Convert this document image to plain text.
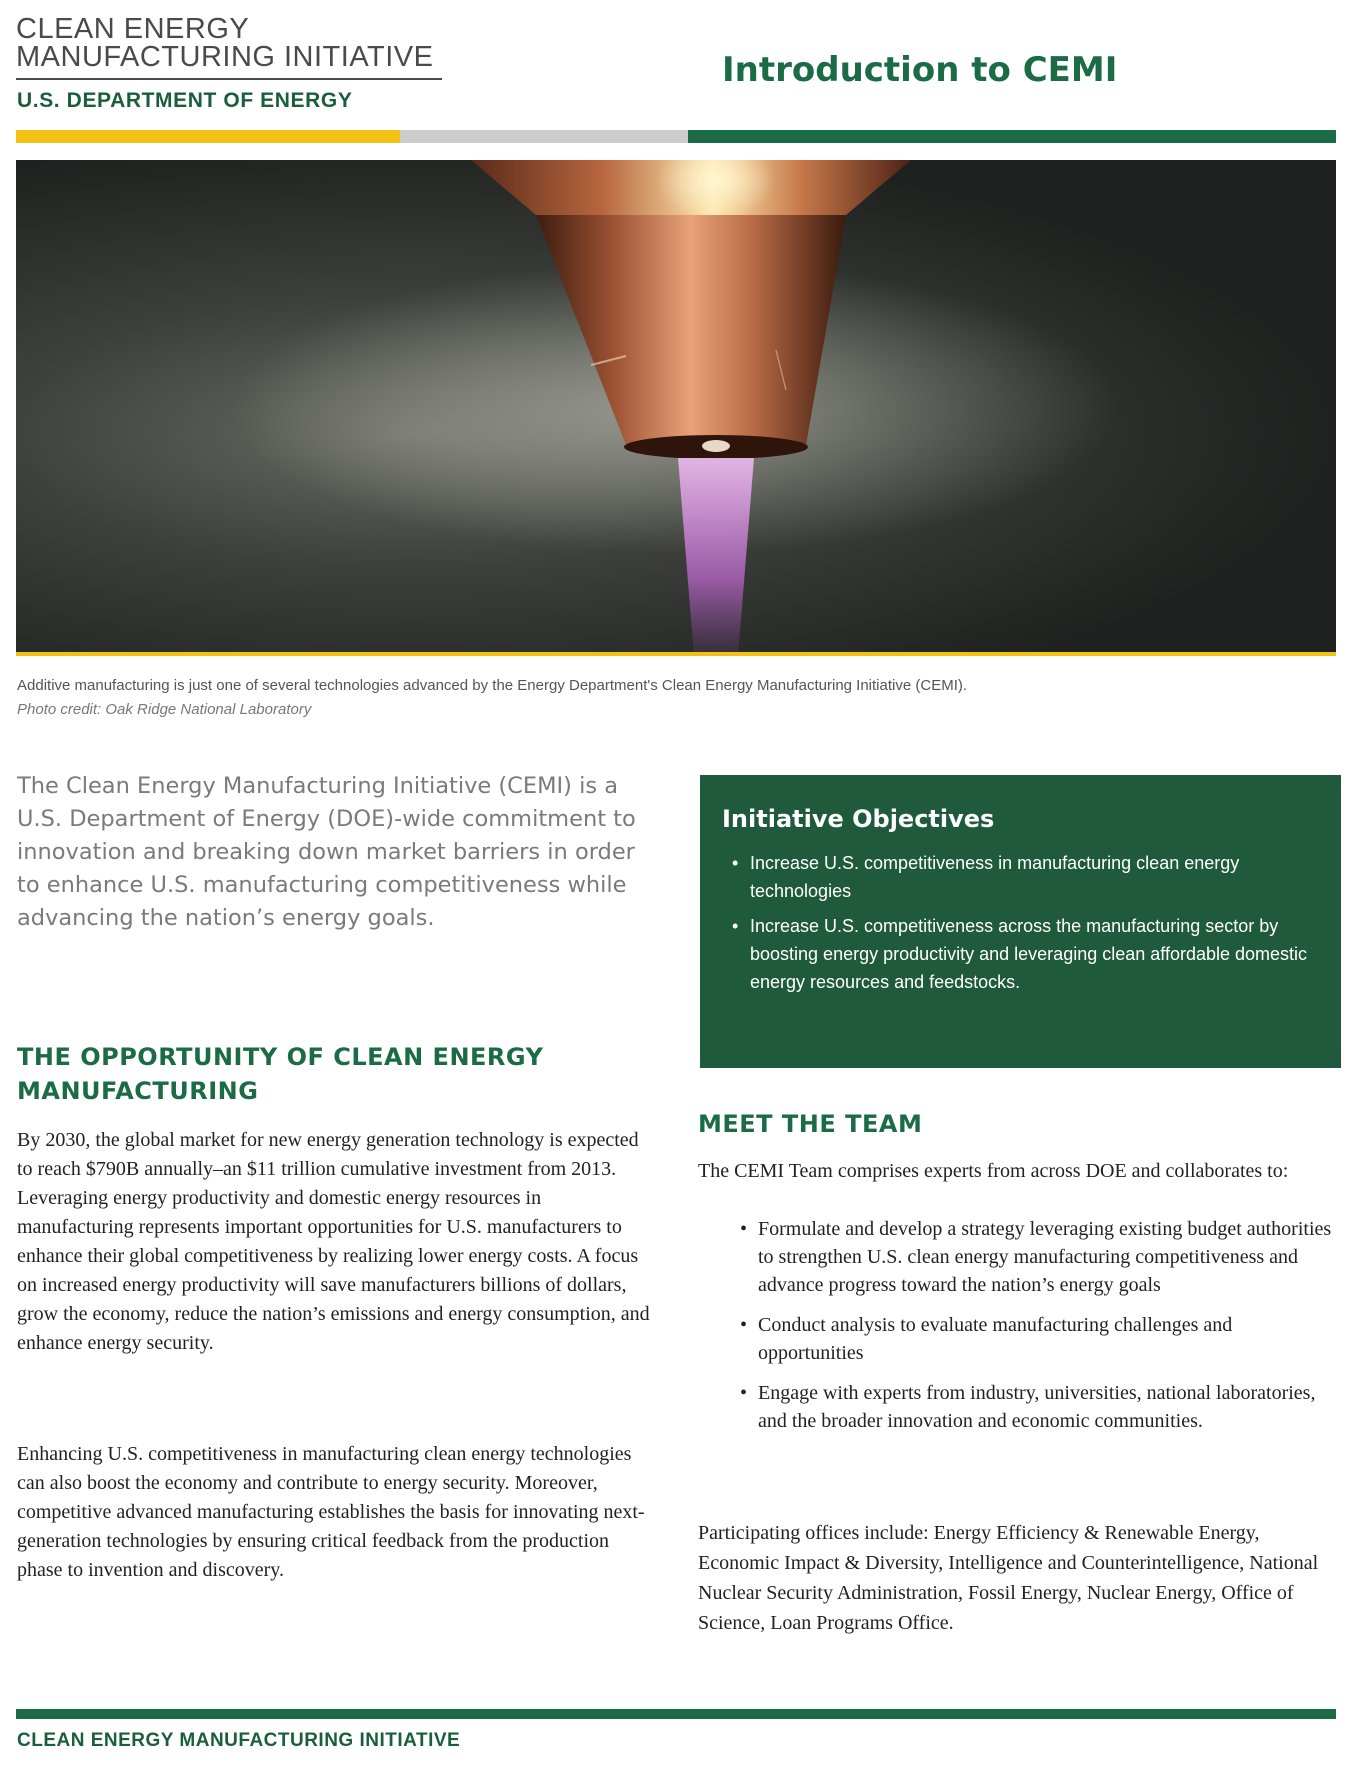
CLEAN ENERGY
MANUFACTURING INITIATIVE
U.S. DEPARTMENT OF ENERGY
Introduction to CEMI
Additive manufacturing is just one of several technologies advanced by the Energy Department's Clean Energy Manufacturing Initiative (CEMI).
Photo credit: Oak Ridge National Laboratory
The Clean Energy Manufacturing Initiative (CEMI) is a U.S. Department of Energy (DOE)-wide commitment to innovation and breaking down market barriers in order to enhance U.S. manufacturing competitiveness while advancing the nation’s energy goals.
THE OPPORTUNITY OF CLEAN ENERGY MANUFACTURING

By 2030, the global market for new energy generation technology is expected to reach $790B annually–an $11 trillion cumulative investment from 2013. Leveraging energy productivity and domestic energy resources in manufacturing represents important opportunities for U.S. manufacturers to enhance their global competitiveness by realizing lower energy costs. A focus on increased energy productivity will save manufacturers billions of dollars, grow the economy, reduce the nation’s emissions and energy consumption, and enhance energy security.

Enhancing U.S. competitiveness in manufacturing clean energy technologies can also boost the economy and contribute to energy security. Moreover, competitive advanced manufacturing establishes the basis for innovating next-generation technologies by ensuring critical feedback from the production phase to invention and discovery.

Initiative Objectives
• Increase U.S. competitiveness in manufacturing clean energy technologies
• Increase U.S. competitiveness across the manufacturing sector by boosting energy productivity and leveraging clean affordable domestic energy resources and feedstocks.
MEET THE TEAM

The CEMI Team comprises experts from across DOE and collaborates to:

• Formulate and develop a strategy leveraging existing budget authorities to strengthen U.S. clean energy manufacturing competitiveness and advance progress toward the nation’s energy goals
• Conduct analysis to evaluate manufacturing challenges and opportunities
• Engage with experts from industry, universities, national laboratories, and the broader innovation and economic communities.

Participating offices include: Energy Efficiency & Renewable Energy, Economic Impact & Diversity, Intelligence and Counterintelligence, National Nuclear Security Administration, Fossil Energy, Nuclear Energy, Office of Science, Loan Programs Office.

CLEAN ENERGY MANUFACTURING INITIATIVE
